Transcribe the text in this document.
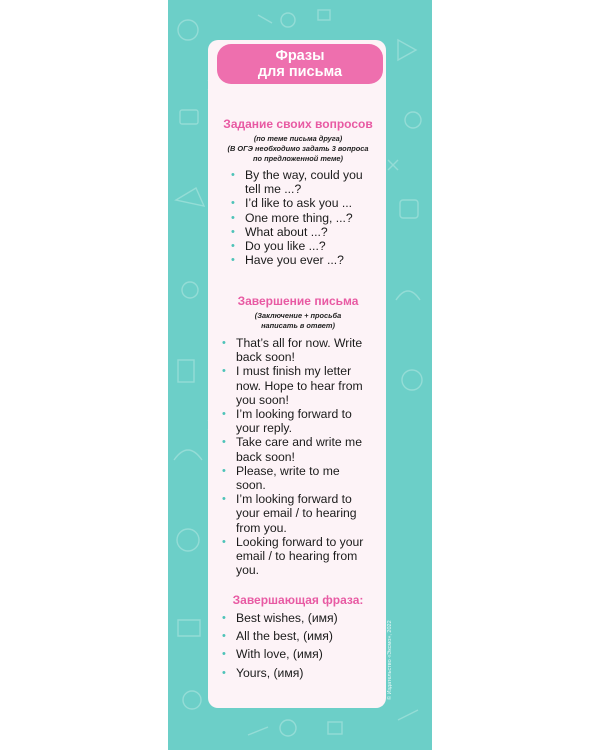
Фразы
для письма
Задание своих вопросов
(по теме письма друга)
(В ОГЭ необходимо задать 3 вопроса
по предложенной теме)
• By the way, could you tell me ...?
• I’d like to ask you ...
• One more thing, ...?
• What about ...?
• Do you like ...?
• Have you ever ...?
Завершение письма
(Заключение + просьба
написать в ответ)
• That’s all for now. Write back soon!
• I must finish my letter now. Hope to hear from you soon!
• I’m looking forward to your reply.
• Take care and write me back soon!
• Please, write to me soon.
• I’m looking forward to your email / to hearing from you.
• Looking forward to your email / to hearing from you.
Завершающая фраза:
• Best wishes, (имя)
• All the best, (имя)
• With love, (имя)
• Yours, (имя)	© Издательство «Эксмо», 2022
